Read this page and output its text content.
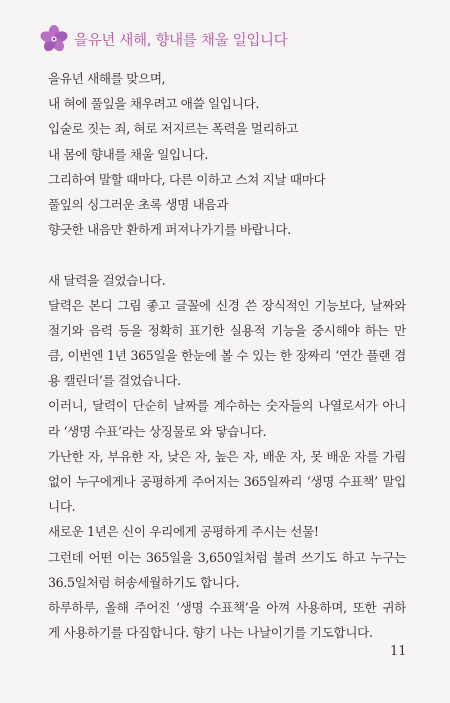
을유년 새해, 향내를 채울 일입니다
을유년 새해를 맞으며,
내 혀에 풀잎을 채우려고 애쓸 일입니다.
입술로 짓는 죄, 혀로 저지르는 폭력을 멀리하고
내 몸에 향내를 채울 일입니다.
그리하여 말할 때마다, 다른 이하고 스쳐 지날 때마다
풀잎의 싱그러운 초록 생명 내음과
향긋한 내음만 환하게 퍼져나가기를 바랍니다.
새 달력을 걸었습니다.
달력은 본디 그림 좋고 글꼴에 신경 쓴 장식적인 기능보다, 날짜와
절기와 음력 등을 정확히 표기한 실용적 기능을 중시해야 하는 만
큼, 이번엔 1년 365일을 한눈에 볼 수 있는 한 장짜리 ‘연간 플랜 겸
용 캘린더’를 걸었습니다.
이러니, 달력이 단순히 날짜를 계수하는 숫자들의 나열로서가 아니
라 ‘생명 수표’라는 상징물로 와 닿습니다.
가난한 자, 부유한 자, 낮은 자, 높은 자, 배운 자, 못 배운 자를 가림
없이 누구에게나 공평하게 주어지는 365일짜리 ‘생명 수표책’ 말입
니다.
새로운 1년은 신이 우리에게 공평하게 주시는 선물!
그런데 어떤 이는 365일을 3,650일처럼 불려 쓰기도 하고 누구는
36.5일처럼 허송세월하기도 합니다.
하루하루, 올해 주어진 ‘생명 수표책’을 아껴 사용하며, 또한 귀하
게 사용하기를 다짐합니다. 향기 나는 나날이기를 기도합니다.
11
